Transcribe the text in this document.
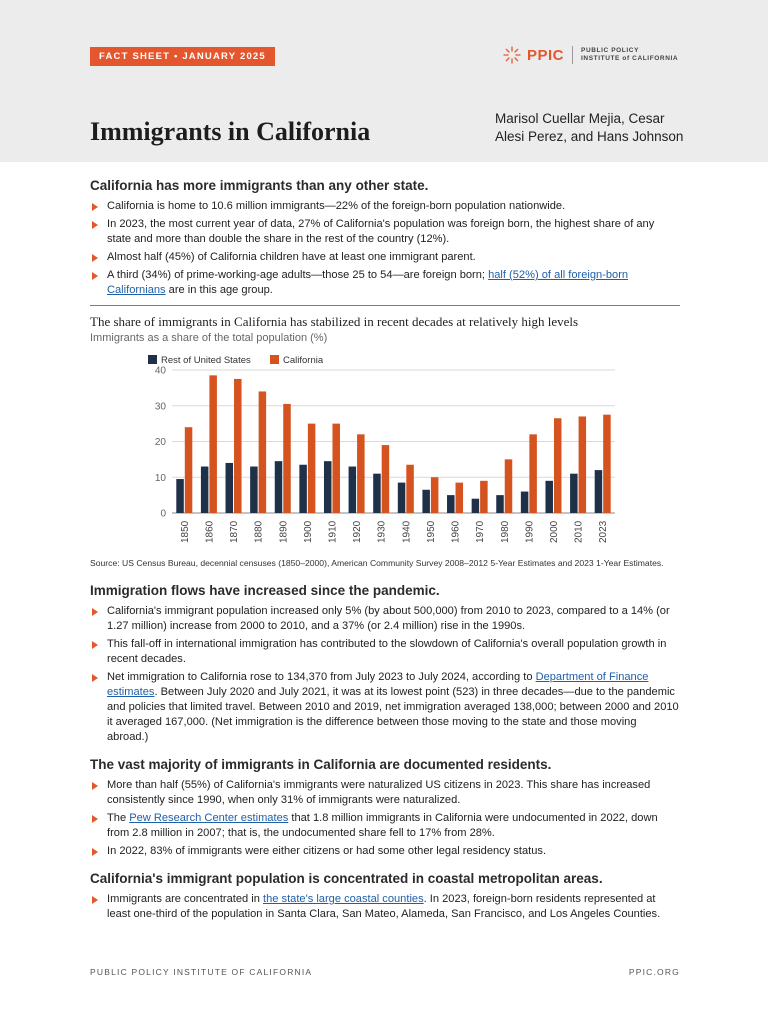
FACT SHEET • JANUARY 2025	PPIC	PUBLIC POLICY
INSTITUTE of CALIFORNIA
Immigrants in California	Marisol Cuellar Mejia, Cesar Alesi Perez, and Hans Johnson
California has more immigrants than any other state.
California is home to 10.6 million immigrants—22% of the foreign-born population nationwide.
In 2023, the most current year of data, 27% of California's population was foreign born, the highest share of any state and more than double the share in the rest of the country (12%).
Almost half (45%) of California children have at least one immigrant parent.
A third (34%) of prime-working-age adults—those 25 to 54—are foreign born; half (52%) of all foreign-born Californians are in this age group.
The share of immigrants in California has stabilized in recent decades at relatively high levels
Immigrants as a share of the total population (%)
Rest of United States	California
0
10
20
30
40
1850 1860 1870 1880 1890 1900 1910 1920 1930 1940 1950 1960 1970 1980 1990 2000 2010 2023
Source: US Census Bureau, decennial censuses (1850–2000), American Community Survey 2008–2012 5-Year Estimates and 2023 1-Year Estimates.
Immigration flows have increased since the pandemic.
California's immigrant population increased only 5% (by about 500,000) from 2010 to 2023, compared to a 14% (or 1.27 million) increase from 2000 to 2010, and a 37% (or 2.4 million) rise in the 1990s.
This fall-off in international immigration has contributed to the slowdown of California's overall population growth in recent decades.
Net immigration to California rose to 134,370 from July 2023 to July 2024, according to Department of Finance estimates. Between July 2020 and July 2021, it was at its lowest point (523) in three decades—due to the pandemic and policies that limited travel. Between 2010 and 2019, net immigration averaged 138,000; between 2000 and 2010 it averaged 167,000. (Net immigration is the difference between those moving to the state and those moving abroad.)
The vast majority of immigrants in California are documented residents.
More than half (55%) of California's immigrants were naturalized US citizens in 2023. This share has increased consistently since 1990, when only 31% of immigrants were naturalized.
The Pew Research Center estimates that 1.8 million immigrants in California were undocumented in 2022, down from 2.8 million in 2007; that is, the undocumented share fell to 17% from 28%.
In 2022, 83% of immigrants were either citizens or had some other legal residency status.
California's immigrant population is concentrated in coastal metropolitan areas.
Immigrants are concentrated in the state's large coastal counties. In 2023, foreign-born residents represented at least one-third of the population in Santa Clara, San Mateo, Alameda, San Francisco, and Los Angeles Counties.
PUBLIC POLICY INSTITUTE OF CALIFORNIA	PPIC.ORG
